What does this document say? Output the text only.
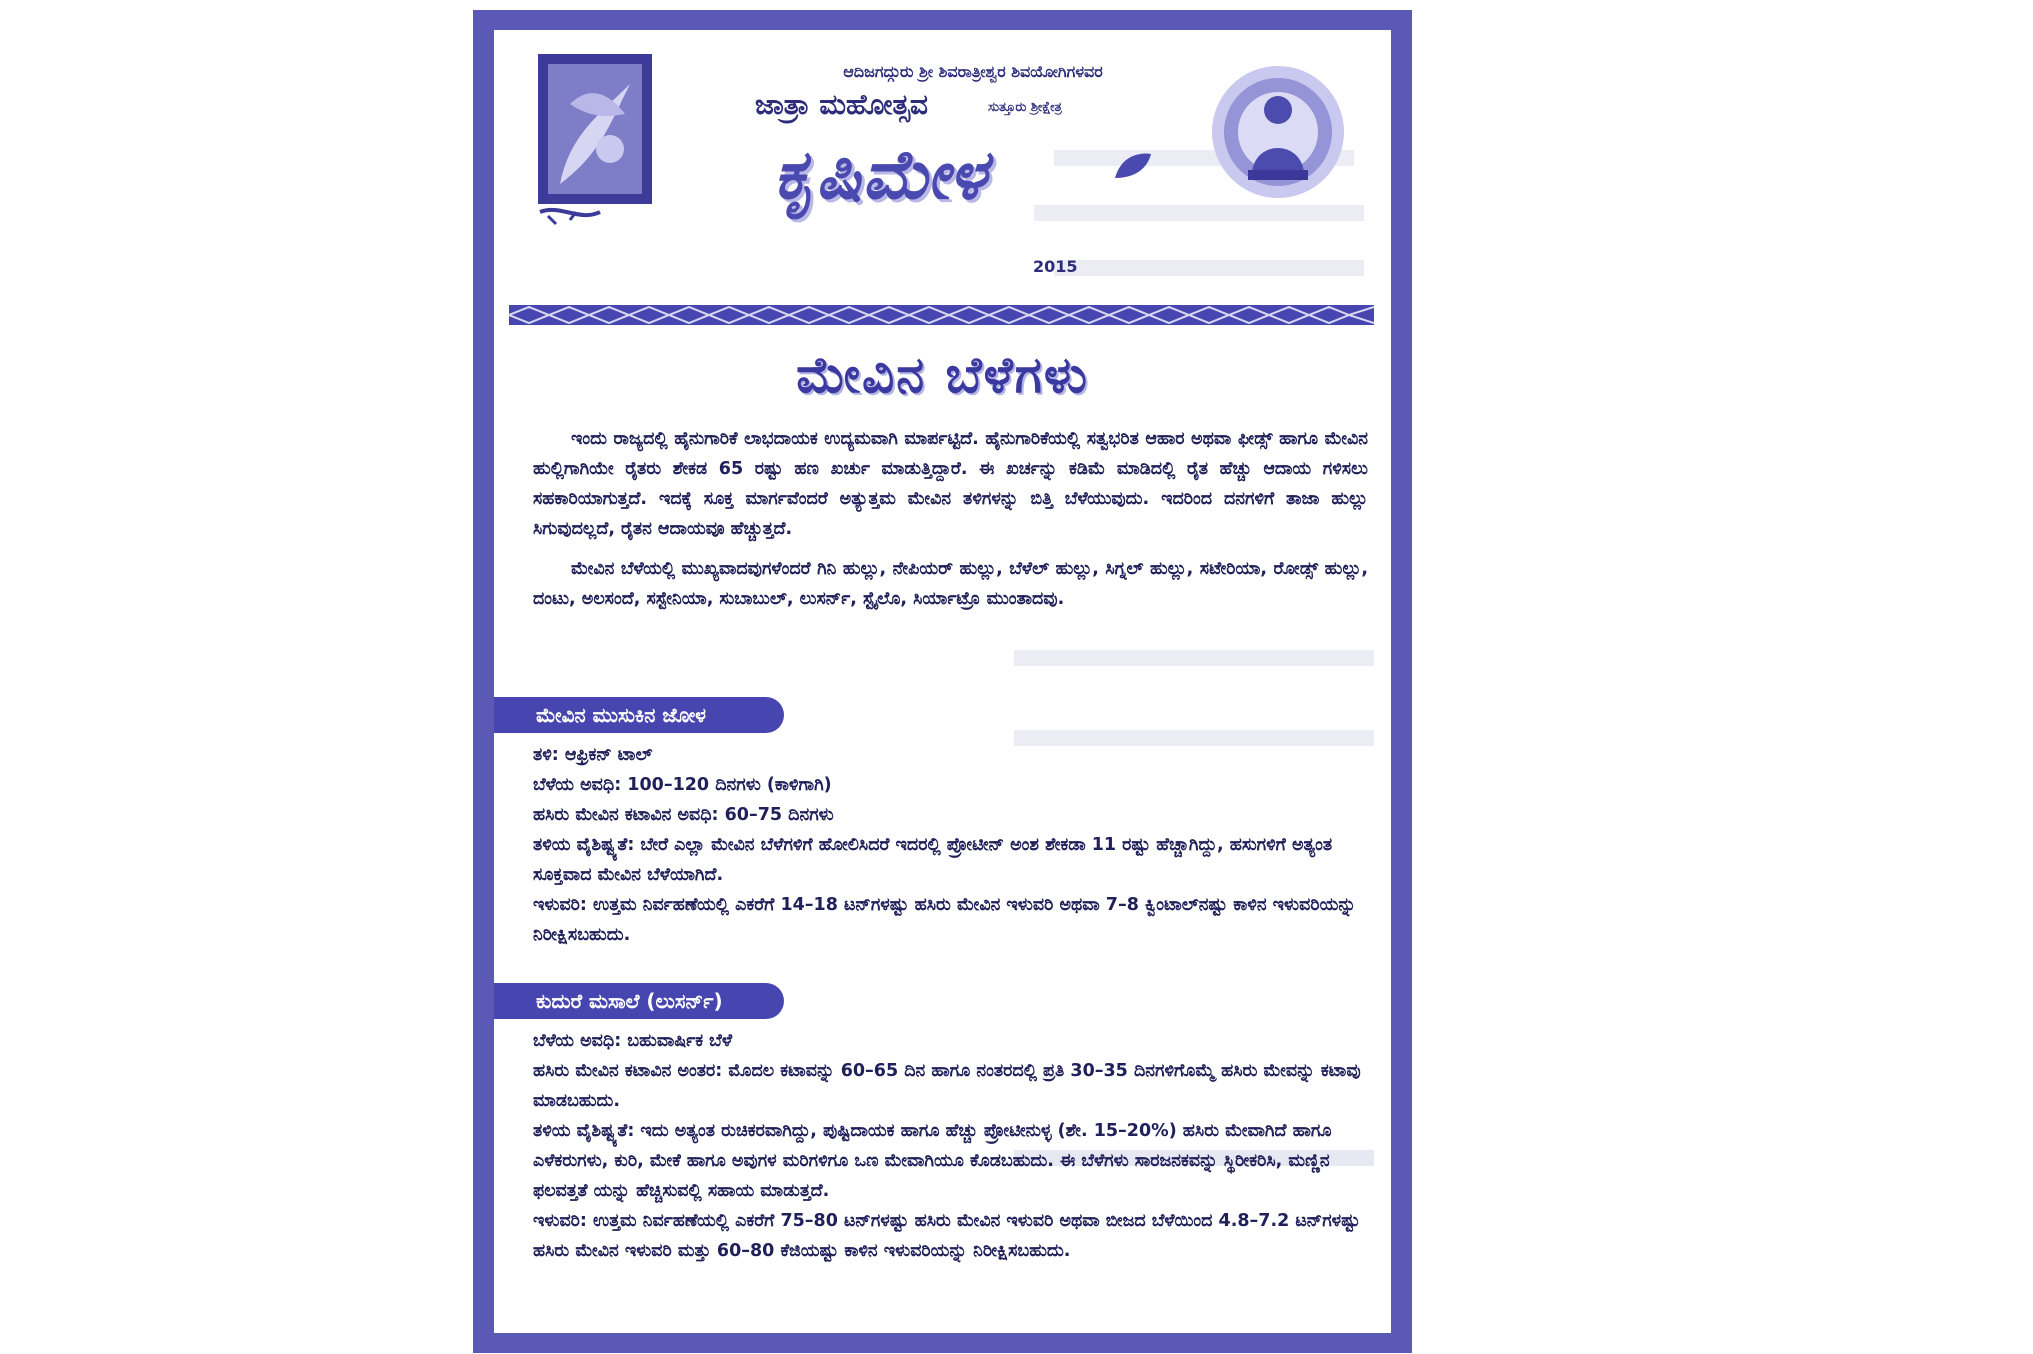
ಆದಿಜಗದ್ಗುರು ಶ್ರೀ ಶಿವರಾತ್ರೀಶ್ವರ ಶಿವಯೋಗಿಗಳವರ
ಜಾತ್ರಾ ಮಹೋತ್ಸವ	ಸುತ್ತೂರು ಶ್ರೀಕ್ಷೇತ್ರ
ಕೃಷಿಮೇಳ
2015
ಮೇವಿನ ಬೆಳೆಗಳು

ಇಂದು ರಾಜ್ಯದಲ್ಲಿ ಹೈನುಗಾರಿಕೆ ಲಾಭದಾಯಕ ಉದ್ಯಮವಾಗಿ ಮಾರ್ಪಟ್ಟಿದೆ. ಹೈನುಗಾರಿಕೆಯಲ್ಲಿ ಸತ್ವಭರಿತ ಆಹಾರ ಅಥವಾ ಫೀಡ್ಸ್ ಹಾಗೂ ಮೇವಿನ ಹುಲ್ಲಿಗಾಗಿಯೇ ರೈತರು ಶೇಕಡ 65 ರಷ್ಟು ಹಣ ಖರ್ಚು ಮಾಡುತ್ತಿದ್ದಾರೆ. ಈ ಖರ್ಚನ್ನು ಕಡಿಮೆ ಮಾಡಿದಲ್ಲಿ ರೈತ ಹೆಚ್ಚು ಆದಾಯ ಗಳಿಸಲು ಸಹಕಾರಿಯಾಗುತ್ತದೆ. ಇದಕ್ಕೆ ಸೂಕ್ತ ಮಾರ್ಗವೆಂದರೆ ಅತ್ಯುತ್ತಮ ಮೇವಿನ ತಳಿಗಳನ್ನು ಬಿತ್ತಿ ಬೆಳೆಯುವುದು. ಇದರಿಂದ ದನಗಳಿಗೆ ತಾಜಾ ಹುಲ್ಲು ಸಿಗುವುದಲ್ಲದೆ, ರೈತನ ಆದಾಯವೂ ಹೆಚ್ಚುತ್ತದೆ.

ಮೇವಿನ ಬೆಳೆಯಲ್ಲಿ ಮುಖ್ಯವಾದವುಗಳೆಂದರೆ ಗಿನಿ ಹುಲ್ಲು, ನೇಪಿಯರ್ ಹುಲ್ಲು, ಬೆಳೆಲ್ ಹುಲ್ಲು, ಸಿಗ್ನಲ್ ಹುಲ್ಲು, ಸಟೇರಿಯಾ, ರೋಡ್ಸ್ ಹುಲ್ಲು, ದಂಟು, ಅಲಸಂದೆ, ಸಸ್ಟೇನಿಯಾ, ಸುಬಾಬುಲ್, ಲುಸರ್ನ್, ಸ್ಟೈಲೊ, ಸಿರ್ಯಾಟ್ರೊ ಮುಂತಾದವು.

ಮೇವಿನ ಮುಸುಕಿನ ಜೋಳ

ತಳಿ: ಆಫ್ರಿಕನ್ ಟಾಲ್

ಬೆಳೆಯ ಅವಧಿ: 100–120 ದಿನಗಳು (ಕಾಳಿಗಾಗಿ)

ಹಸಿರು ಮೇವಿನ ಕಟಾವಿನ ಅವಧಿ: 60–75 ದಿನಗಳು

ತಳಿಯ ವೈಶಿಷ್ಟ್ಯತೆ: ಬೇರೆ ಎಲ್ಲಾ ಮೇವಿನ ಬೆಳೆಗಳಿಗೆ ಹೋಲಿಸಿದರೆ ಇದರಲ್ಲಿ ಪ್ರೋಟೀನ್ ಅಂಶ ಶೇಕಡಾ 11 ರಷ್ಟು ಹೆಚ್ಚಾಗಿದ್ದು, ಹಸುಗಳಿಗೆ ಅತ್ಯಂತ ಸೂಕ್ತವಾದ ಮೇವಿನ ಬೆಳೆಯಾಗಿದೆ.

ಇಳುವರಿ: ಉತ್ತಮ ನಿರ್ವಹಣೆಯಲ್ಲಿ ಎಕರೆಗೆ 14–18 ಟನ್‌ಗಳಷ್ಟು ಹಸಿರು ಮೇವಿನ ಇಳುವರಿ ಅಥವಾ 7–8 ಕ್ವಿಂಟಾಲ್‌ನಷ್ಟು ಕಾಳಿನ ಇಳುವರಿಯನ್ನು ನಿರೀಕ್ಷಿಸಬಹುದು.

ಕುದುರೆ ಮಸಾಲೆ (ಲುಸರ್ನ್)

ಬೆಳೆಯ ಅವಧಿ: ಬಹುವಾರ್ಷಿಕ ಬೆಳೆ

ಹಸಿರು ಮೇವಿನ ಕಟಾವಿನ ಅಂತರ: ಮೊದಲ ಕಟಾವನ್ನು 60–65 ದಿನ ಹಾಗೂ ನಂತರದಲ್ಲಿ ಪ್ರತಿ 30–35 ದಿನಗಳಿಗೊಮ್ಮೆ ಹಸಿರು ಮೇವನ್ನು ಕಟಾವು ಮಾಡಬಹುದು.

ತಳಿಯ ವೈಶಿಷ್ಟ್ಯತೆ: ಇದು ಅತ್ಯಂತ ರುಚಿಕರವಾಗಿದ್ದು, ಪುಷ್ಟಿದಾಯಕ ಹಾಗೂ ಹೆಚ್ಚು ಪ್ರೋಟೀನುಳ್ಳ (ಶೇ. 15–20%) ಹಸಿರು ಮೇವಾಗಿದೆ ಹಾಗೂ ಎಳೆಕರುಗಳು, ಕುರಿ, ಮೇಕೆ ಹಾಗೂ ಅವುಗಳ ಮರಿಗಳಿಗೂ ಒಣ ಮೇವಾಗಿಯೂ ಕೊಡಬಹುದು. ಈ ಬೆಳೆಗಳು ಸಾರಜನಕವನ್ನು ಸ್ಥಿರೀಕರಿಸಿ, ಮಣ್ಣಿನ ಫಲವತ್ತತೆ ಯನ್ನು ಹೆಚ್ಚಿಸುವಲ್ಲಿ ಸಹಾಯ ಮಾಡುತ್ತದೆ.

ಇಳುವರಿ: ಉತ್ತಮ ನಿರ್ವಹಣೆಯಲ್ಲಿ ಎಕರೆಗೆ 75–80 ಟನ್‌ಗಳಷ್ಟು ಹಸಿರು ಮೇವಿನ ಇಳುವರಿ ಅಥವಾ ಬೀಜದ ಬೆಳೆಯಿಂದ 4.8–7.2 ಟನ್‌ಗಳಷ್ಟು ಹಸಿರು ಮೇವಿನ ಇಳುವರಿ ಮತ್ತು 60–80 ಕೆಜಿಯಷ್ಟು ಕಾಳಿನ ಇಳುವರಿಯನ್ನು ನಿರೀಕ್ಷಿಸಬಹುದು.
